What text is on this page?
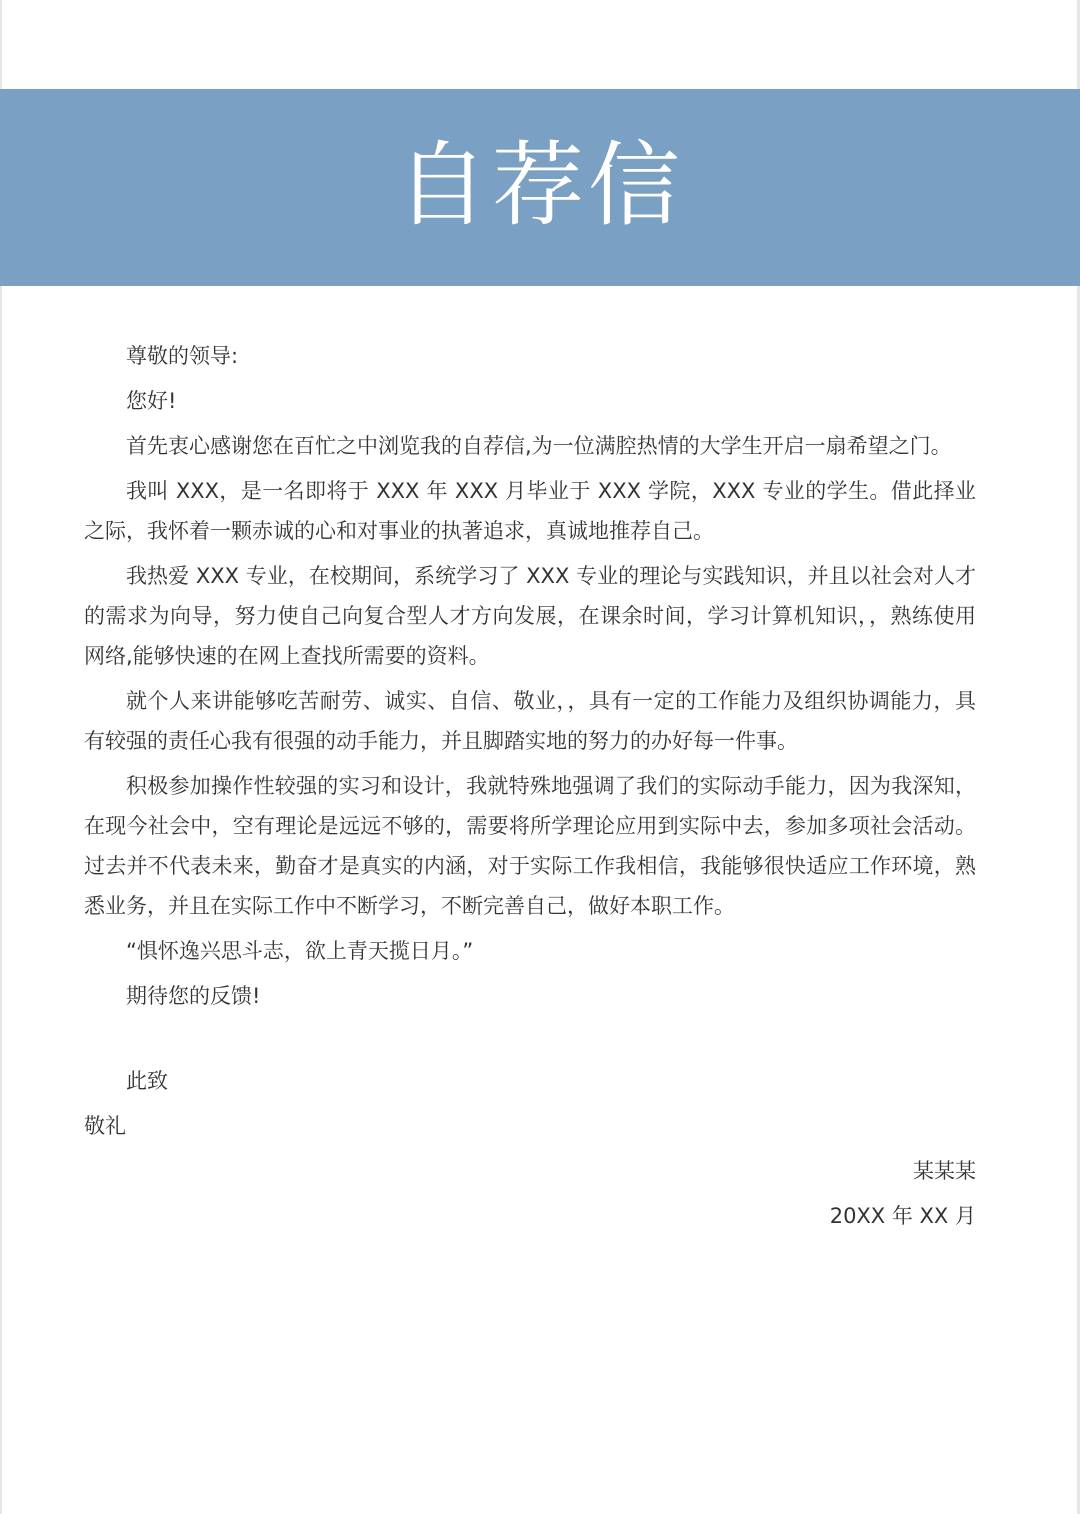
自荐信

尊敬的领导:

您好!

首先衷心感谢您在百忙之中浏览我的自荐信,为一位满腔热情的大学生开启一扇希望之门。

我叫 XXX，是一名即将于 XXX 年 XXX 月毕业于 XXX 学院，XXX 专业的学生。借此择业之际，我怀着一颗赤诚的心和对事业的执著追求，真诚地推荐自己。

我热爱 XXX 专业，在校期间，系统学习了 XXX 专业的理论与实践知识，并且以社会对人才的需求为向导，努力使自己向复合型人才方向发展，在课余时间，学习计算机知识，，熟练使用网络,能够快速的在网上查找所需要的资料。

就个人来讲能够吃苦耐劳、诚实、自信、敬业，，具有一定的工作能力及组织协调能力，具有较强的责任心我有很强的动手能力，并且脚踏实地的努力的办好每一件事。

积极参加操作性较强的实习和设计，我就特殊地强调了我们的实际动手能力，因为我深知，在现今社会中，空有理论是远远不够的，需要将所学理论应用到实际中去，参加多项社会活动。过去并不代表未来，勤奋才是真实的内涵，对于实际工作我相信，我能够很快适应工作环境，熟悉业务，并且在实际工作中不断学习，不断完善自己，做好本职工作。

“惧怀逸兴思斗志，欲上青天揽日月。”

期待您的反馈!

此致

敬礼

某某某

20XX 年 XX 月
